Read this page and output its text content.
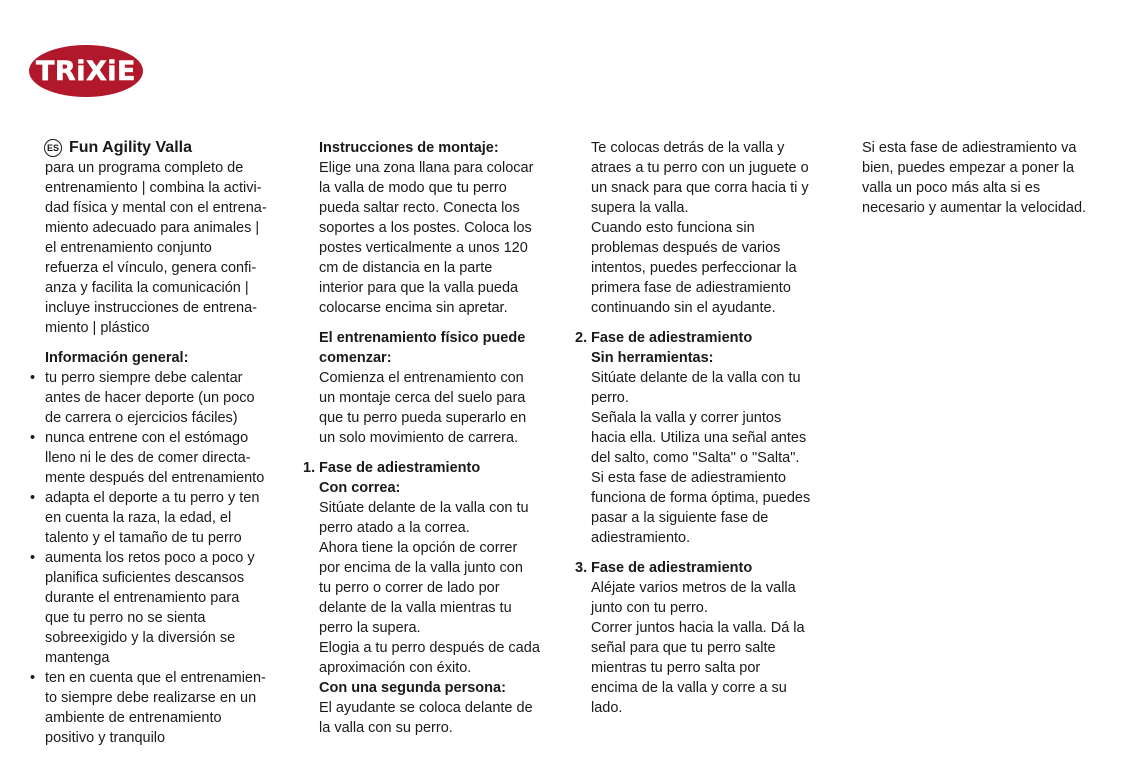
TRiXiE
ES Fun Agility Valla

para un programa completo de

entrenamiento | combina la activi-

dad física y mental con el entrena-

miento adecuado para animales |

el entrenamiento conjunto

refuerza el vínculo, genera confi-

anza y facilita la comunicación |

incluye instrucciones de entrena-

miento | plástico

Información general:

• tu perro siempre debe calentar

antes de hacer deporte (un poco

de carrera o ejercicios fáciles)

• nunca entrene con el estómago

lleno ni le des de comer directa-

mente después del entrenamiento

• adapta el deporte a tu perro y ten

en cuenta la raza, la edad, el

talento y el tamaño de tu perro

• aumenta los retos poco a poco y

planifica suficientes descansos

durante el entrenamiento para

que tu perro no se sienta

sobreexigido y la diversión se

mantenga

• ten en cuenta que el entrenamien-

to siempre debe realizarse en un

ambiente de entrenamiento

positivo y tranquilo

Instrucciones de montaje:

Elige una zona llana para colocar

la valla de modo que tu perro

pueda saltar recto. Conecta los

soportes a los postes. Coloca los

postes verticalmente a unos 120

cm de distancia en la parte

interior para que la valla pueda

colocarse encima sin apretar.

El entrenamiento físico puede

comenzar:

Comienza el entrenamiento con

un montaje cerca del suelo para

que tu perro pueda superarlo en

un solo movimiento de carrera.

1. Fase de adiestramiento

Con correa:

Sitúate delante de la valla con tu

perro atado a la correa.

Ahora tiene la opción de correr

por encima de la valla junto con

tu perro o correr de lado por

delante de la valla mientras tu

perro la supera.

Elogia a tu perro después de cada

aproximación con éxito.

Con una segunda persona:

El ayudante se coloca delante de

la valla con su perro.

Te colocas detrás de la valla y

atraes a tu perro con un juguete o

un snack para que corra hacia ti y

supera la valla.

Cuando esto funciona sin

problemas después de varios

intentos, puedes perfeccionar la

primera fase de adiestramiento

continuando sin el ayudante.

2. Fase de adiestramiento

Sin herramientas:

Sitúate delante de la valla con tu

perro.

Señala la valla y correr juntos

hacia ella. Utiliza una señal antes

del salto, como "Salta" o "Salta".

Si esta fase de adiestramiento

funciona de forma óptima, puedes

pasar a la siguiente fase de

adiestramiento.

3. Fase de adiestramiento

Aléjate varios metros de la valla

junto con tu perro.

Correr juntos hacia la valla. Dá la

señal para que tu perro salte

mientras tu perro salta por

encima de la valla y corre a su

lado.

Si esta fase de adiestramiento va

bien, puedes empezar a poner la

valla un poco más alta si es

necesario y aumentar la velocidad.
